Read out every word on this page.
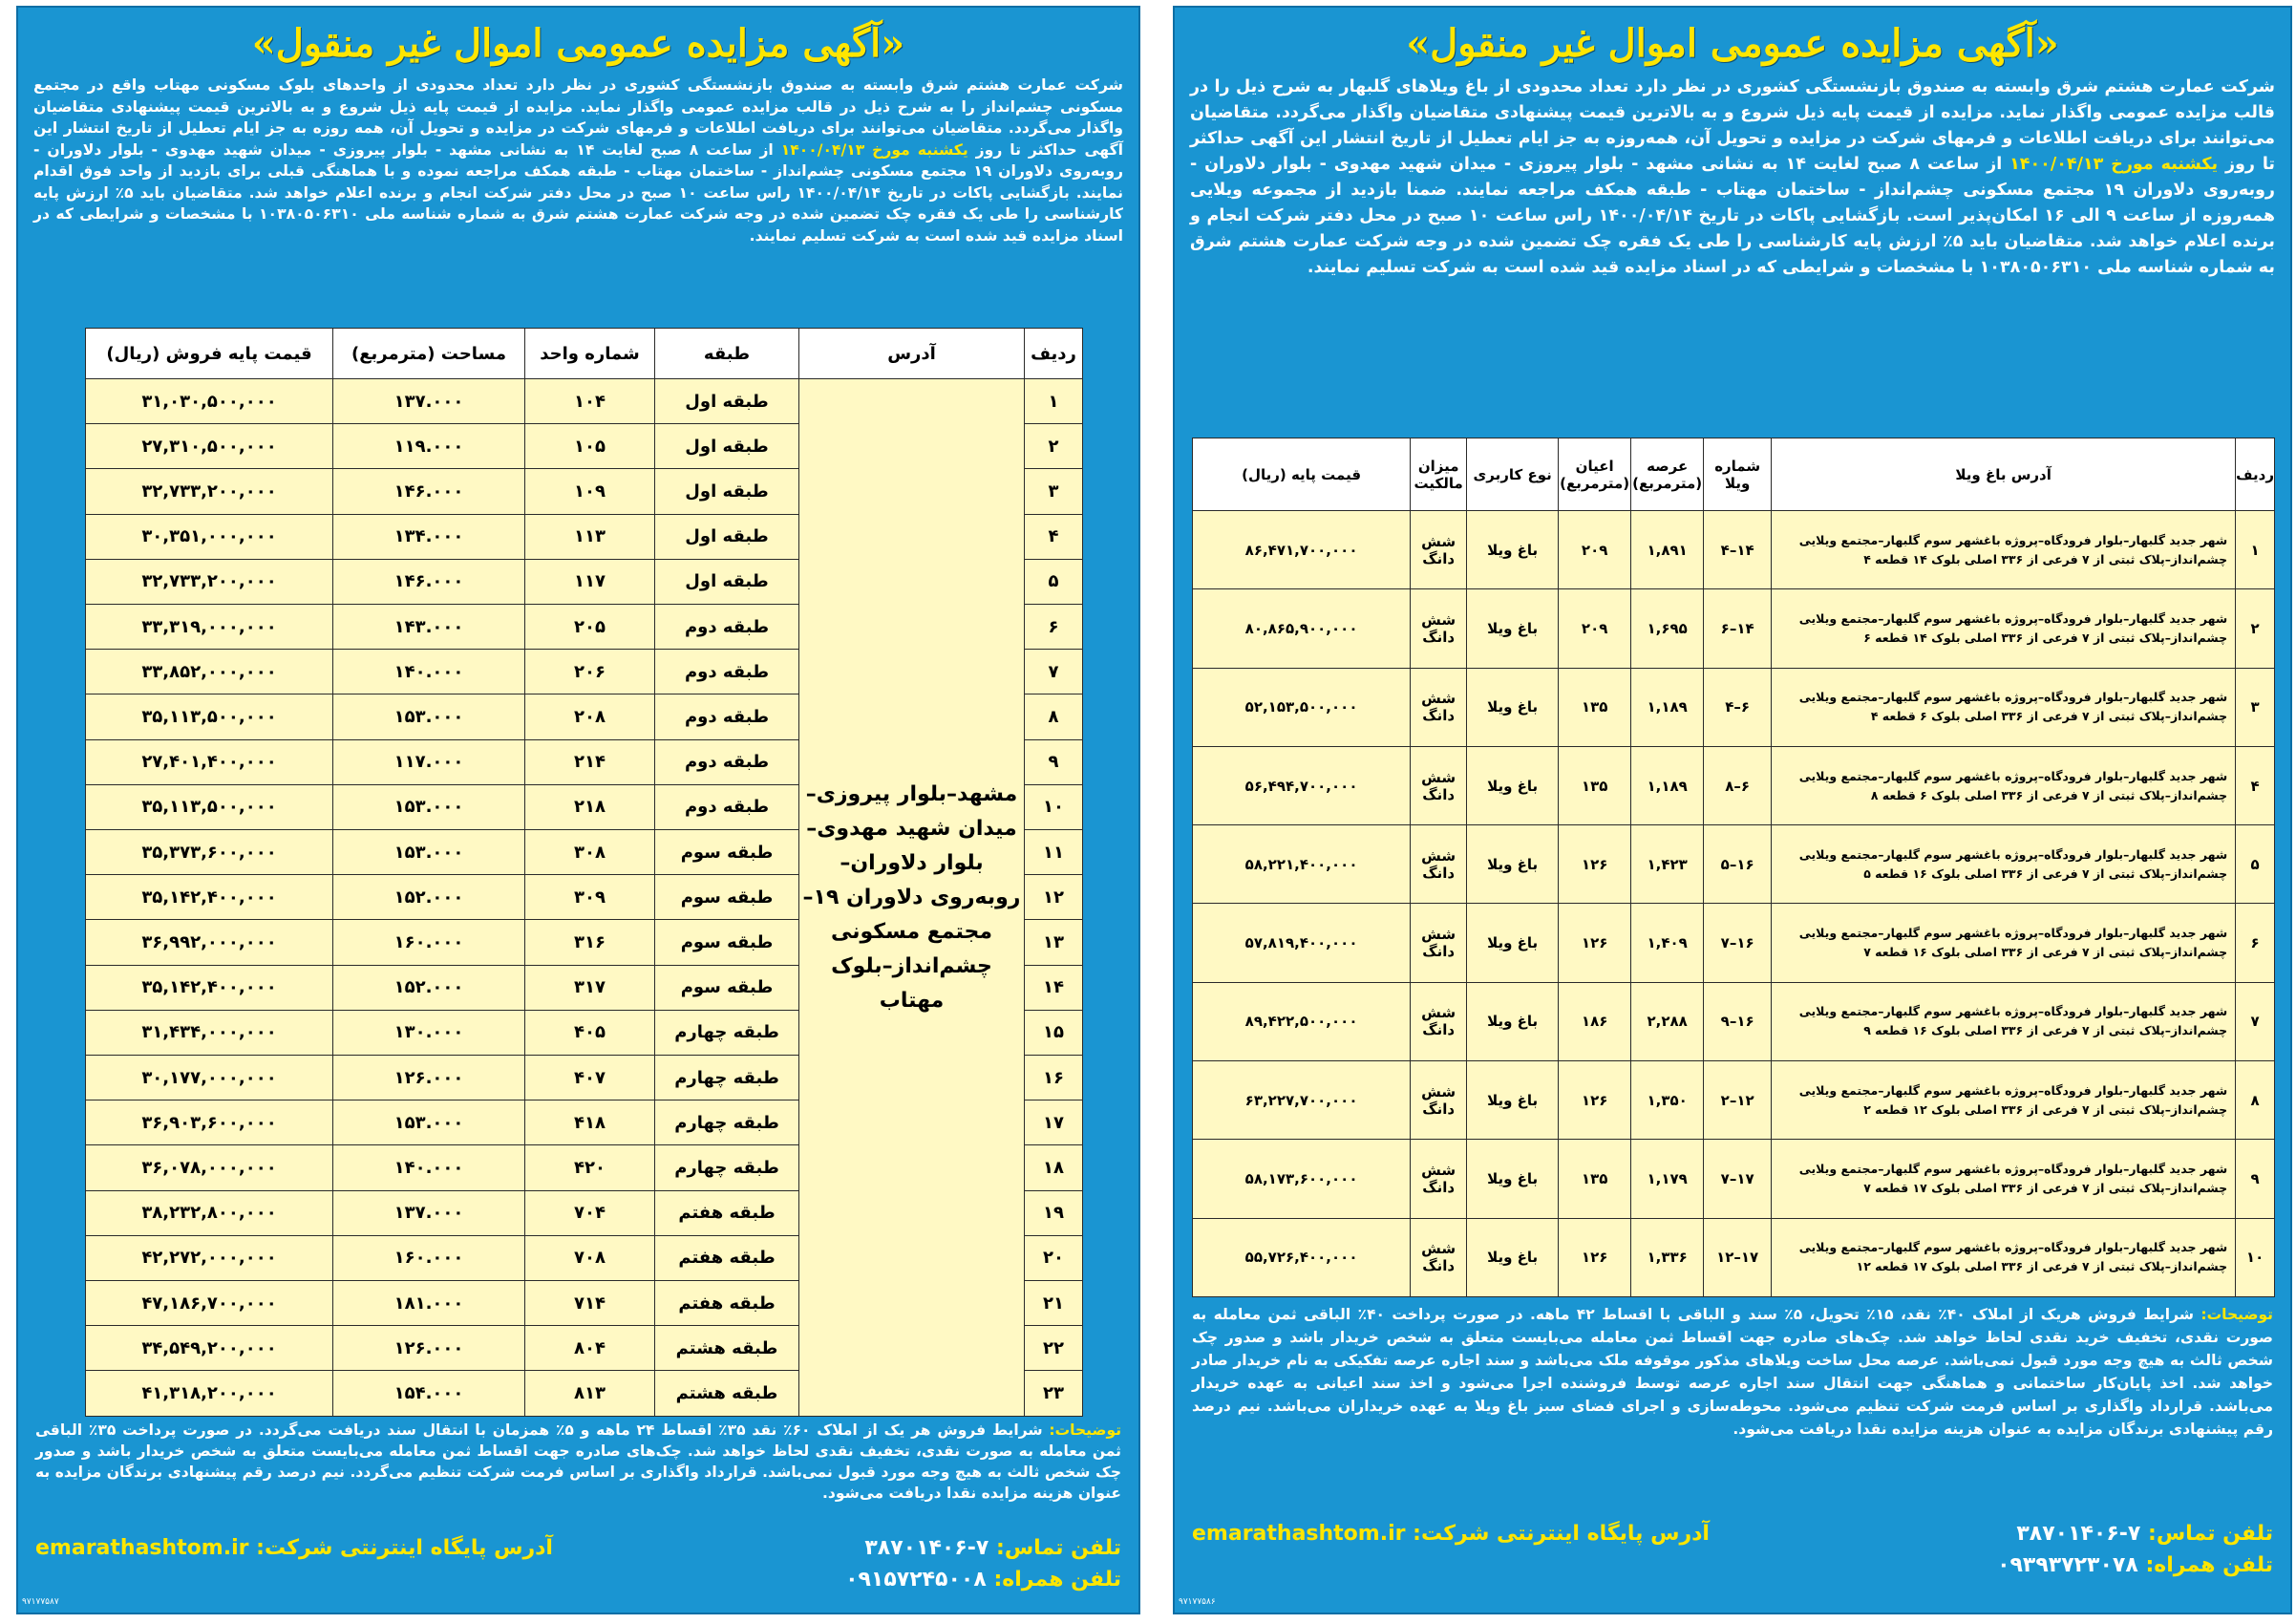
«آگهی مزایده عمومی اموال غیر منقول»
شرکت عمارت هشتم شرق وابسته به صندوق بازنشستگی کشوری در نظر دارد تعداد محدودی از واحدهای بلوک مسکونی مهتاب واقع در مجتمع مسکونی چشم‌انداز را به شرح ذیل در قالب مزایده عمومی واگذار نماید. مزایده از قیمت پایه ذیل شروع و به بالاترین قیمت پیشنهادی متقاضیان واگذار می‌گردد. متقاضیان می‌توانند برای دریافت اطلاعات و فرمهای شرکت در مزایده و تحویل آن، همه روزه به جز ایام تعطیل از تاریخ انتشار این آگهی حداکثر تا روز یکشنبه مورخ ۱۴۰۰/۰۴/۱۳ از ساعت ۸ صبح لغایت ۱۴ به نشانی مشهد - بلوار پیروزی - میدان شهید مهدوی - بلوار دلاوران - روبه‌روی دلاوران ۱۹ مجتمع مسکونی چشم‌انداز - ساختمان مهتاب - طبقه همکف مراجعه نموده و با هماهنگی قبلی برای بازدید از واحد فوق اقدام نمایند. بازگشایی پاکات در تاریخ ۱۴۰۰/۰۴/۱۴ راس ساعت ۱۰ صبح در محل دفتر شرکت انجام و برنده اعلام خواهد شد. متقاضیان باید ۵٪ ارزش پایه کارشناسی را طی یک فقره چک تضمین شده در وجه شرکت عمارت هشتم شرق به شماره شناسه ملی ۱۰۳۸۰۵۰۶۳۱۰ با مشخصات و شرایطی که در اسناد مزایده قید شده است به شرکت تسلیم نمایند.
ردیف	آدرس	طبقه	شماره واحد	مساحت (مترمربع)	قیمت پایه فروش (ریال)
۱	مشهد–بلوار پیروزی– میدان شهید مهدوی– بلوار دلاوران– روبه‌روی دلاوران ۱۹– مجتمع مسکونی چشم‌انداز–بلوک مهتاب	طبقه اول	۱۰۴	۱۳۷.۰۰۰	۳۱,۰۳۰,۵۰۰,۰۰۰
۲		طبقه اول	۱۰۵	۱۱۹.۰۰۰	۲۷,۳۱۰,۵۰۰,۰۰۰
۳		طبقه اول	۱۰۹	۱۴۶.۰۰۰	۳۲,۷۳۳,۲۰۰,۰۰۰
۴		طبقه اول	۱۱۳	۱۳۴.۰۰۰	۳۰,۳۵۱,۰۰۰,۰۰۰
۵		طبقه اول	۱۱۷	۱۴۶.۰۰۰	۳۲,۷۳۳,۲۰۰,۰۰۰
۶		طبقه دوم	۲۰۵	۱۴۳.۰۰۰	۳۳,۳۱۹,۰۰۰,۰۰۰
۷		طبقه دوم	۲۰۶	۱۴۰.۰۰۰	۳۳,۸۵۲,۰۰۰,۰۰۰
۸		طبقه دوم	۲۰۸	۱۵۳.۰۰۰	۳۵,۱۱۳,۵۰۰,۰۰۰
۹		طبقه دوم	۲۱۴	۱۱۷.۰۰۰	۲۷,۴۰۱,۴۰۰,۰۰۰
۱۰		طبقه دوم	۲۱۸	۱۵۳.۰۰۰	۳۵,۱۱۳,۵۰۰,۰۰۰
۱۱		طبقه سوم	۳۰۸	۱۵۳.۰۰۰	۳۵,۳۷۳,۶۰۰,۰۰۰
۱۲		طبقه سوم	۳۰۹	۱۵۲.۰۰۰	۳۵,۱۴۲,۴۰۰,۰۰۰
۱۳		طبقه سوم	۳۱۶	۱۶۰.۰۰۰	۳۶,۹۹۲,۰۰۰,۰۰۰
۱۴		طبقه سوم	۳۱۷	۱۵۲.۰۰۰	۳۵,۱۴۲,۴۰۰,۰۰۰
۱۵		طبقه چهارم	۴۰۵	۱۳۰.۰۰۰	۳۱,۴۳۴,۰۰۰,۰۰۰
۱۶		طبقه چهارم	۴۰۷	۱۲۶.۰۰۰	۳۰,۱۷۷,۰۰۰,۰۰۰
۱۷		طبقه چهارم	۴۱۸	۱۵۳.۰۰۰	۳۶,۹۰۳,۶۰۰,۰۰۰
۱۸		طبقه چهارم	۴۲۰	۱۴۰.۰۰۰	۳۶,۰۷۸,۰۰۰,۰۰۰
۱۹		طبقه هفتم	۷۰۴	۱۳۷.۰۰۰	۳۸,۲۳۲,۸۰۰,۰۰۰
۲۰		طبقه هفتم	۷۰۸	۱۶۰.۰۰۰	۴۲,۲۷۲,۰۰۰,۰۰۰
۲۱		طبقه هفتم	۷۱۴	۱۸۱.۰۰۰	۴۷,۱۸۶,۷۰۰,۰۰۰
۲۲		طبقه هشتم	۸۰۴	۱۲۶.۰۰۰	۳۴,۵۴۹,۲۰۰,۰۰۰
۲۳		طبقه هشتم	۸۱۳	۱۵۴.۰۰۰	۴۱,۳۱۸,۲۰۰,۰۰۰
توضیحات: شرایط فروش هر یک از املاک ۶۰٪ نقد ۳۵٪ اقساط ۲۴ ماهه و ۵٪ همزمان با انتقال سند دریافت می‌گردد. در صورت پرداخت ۳۵٪ الباقی ثمن معامله به صورت نقدی، تخفیف نقدی لحاظ خواهد شد. چک‌های صادره جهت اقساط ثمن معامله می‌بایست متعلق به شخص خریدار باشد و صدور چک شخص ثالث به هیچ وجه مورد قبول نمی‌باشد. قرارداد واگذاری بر اساس فرمت شرکت تنظیم می‌گردد. نیم درصد رقم پیشنهادی برندگان مزایده به عنوان هزینه مزایده نقدا دریافت می‌شود.
تلفن تماس: ۷-۳۸۷۰۱۴۰۶
آدرس پایگاه اینترنتی شرکت: emarathashtom.ir
تلفن همراه: ۰۹۱۵۷۲۴۵۰۰۸
۹۷۱۷۷۵۸۷
«آگهی مزایده عمومی اموال غیر منقول»
شرکت عمارت هشتم شرق وابسته به صندوق بازنشستگی کشوری در نظر دارد تعداد محدودی از باغ ویلاهای گلبهار به شرح ذیل را در قالب مزایده عمومی واگذار نماید. مزایده از قیمت پایه ذیل شروع و به بالاترین قیمت پیشنهادی متقاضیان واگذار می‌گردد. متقاضیان می‌توانند برای دریافت اطلاعات و فرمهای شرکت در مزایده و تحویل آن، همه‌روزه به جز ایام تعطیل از تاریخ انتشار این آگهی حداکثر تا روز یکشنبه مورخ ۱۴۰۰/۰۴/۱۳ از ساعت ۸ صبح لغایت ۱۴ به نشانی مشهد - بلوار پیروزی - میدان شهید مهدوی - بلوار دلاوران - روبه‌روی دلاوران ۱۹ مجتمع مسکونی چشم‌انداز - ساختمان مهتاب - طبقه همکف مراجعه نمایند. ضمنا بازدید از مجموعه ویلایی همه‌روزه از ساعت ۹ الی ۱۶ امکان‌پذیر است. بازگشایی پاکات در تاریخ ۱۴۰۰/۰۴/۱۴ راس ساعت ۱۰ صبح در محل دفتر شرکت انجام و برنده اعلام خواهد شد. متقاضیان باید ۵٪ ارزش پایه کارشناسی را طی یک فقره چک تضمین شده در وجه شرکت عمارت هشتم شرق به شماره شناسه ملی ۱۰۳۸۰۵۰۶۳۱۰ با مشخصات و شرایطی که در اسناد مزایده قید شده است به شرکت تسلیم نمایند.
ردیف	آدرس باغ ویلا	شماره ویلا	عرصه (مترمربع)	اعیان (مترمربع)	نوع کاربری	میزان مالکیت	قیمت پایه (ریال)
۱	شهر جدید گلبهار–بلوار فرودگاه–پروژه باغشهر سوم گلبهار–مجتمع ویلایی چشم‌انداز–پلاک ثبتی از ۷ فرعی از ۳۳۶ اصلی بلوک ۱۴ قطعه ۴	۱۴–۴	۱,۸۹۱	۲۰۹	باغ ویلا	شش دانگ	۸۶,۴۷۱,۷۰۰,۰۰۰
۲	شهر جدید گلبهار–بلوار فرودگاه–پروژه باغشهر سوم گلبهار–مجتمع ویلایی چشم‌انداز–پلاک ثبتی از ۷ فرعی از ۳۳۶ اصلی بلوک ۱۴ قطعه ۶	۱۴–۶	۱,۶۹۵	۲۰۹	باغ ویلا	شش دانگ	۸۰,۸۶۵,۹۰۰,۰۰۰
۳	شهر جدید گلبهار–بلوار فرودگاه–پروژه باغشهر سوم گلبهار–مجتمع ویلایی چشم‌انداز–پلاک ثبتی از ۷ فرعی از ۳۳۶ اصلی بلوک ۶ قطعه ۴	۶–۴	۱,۱۸۹	۱۳۵	باغ ویلا	شش دانگ	۵۲,۱۵۳,۵۰۰,۰۰۰
۴	شهر جدید گلبهار–بلوار فرودگاه–پروژه باغشهر سوم گلبهار–مجتمع ویلایی چشم‌انداز–پلاک ثبتی از ۷ فرعی از ۳۳۶ اصلی بلوک ۶ قطعه ۸	۶–۸	۱,۱۸۹	۱۳۵	باغ ویلا	شش دانگ	۵۶,۴۹۴,۷۰۰,۰۰۰
۵	شهر جدید گلبهار–بلوار فرودگاه–پروژه باغشهر سوم گلبهار–مجتمع ویلایی چشم‌انداز–پلاک ثبتی از ۷ فرعی از ۳۳۶ اصلی بلوک ۱۶ قطعه ۵	۱۶–۵	۱,۴۲۳	۱۲۶	باغ ویلا	شش دانگ	۵۸,۲۲۱,۴۰۰,۰۰۰
۶	شهر جدید گلبهار–بلوار فرودگاه–پروژه باغشهر سوم گلبهار–مجتمع ویلایی چشم‌انداز–پلاک ثبتی از ۷ فرعی از ۳۳۶ اصلی بلوک ۱۶ قطعه ۷	۱۶–۷	۱,۴۰۹	۱۲۶	باغ ویلا	شش دانگ	۵۷,۸۱۹,۴۰۰,۰۰۰
۷	شهر جدید گلبهار–بلوار فرودگاه–پروژه باغشهر سوم گلبهار–مجتمع ویلایی چشم‌انداز–پلاک ثبتی از ۷ فرعی از ۳۳۶ اصلی بلوک ۱۶ قطعه ۹	۱۶–۹	۲,۲۸۸	۱۸۶	باغ ویلا	شش دانگ	۸۹,۴۲۲,۵۰۰,۰۰۰
۸	شهر جدید گلبهار–بلوار فرودگاه–پروژه باغشهر سوم گلبهار–مجتمع ویلایی چشم‌انداز–پلاک ثبتی از ۷ فرعی از ۳۳۶ اصلی بلوک ۱۲ قطعه ۲	۱۲–۲	۱,۳۵۰	۱۲۶	باغ ویلا	شش دانگ	۶۳,۲۲۷,۷۰۰,۰۰۰
۹	شهر جدید گلبهار–بلوار فرودگاه–پروژه باغشهر سوم گلبهار–مجتمع ویلایی چشم‌انداز–پلاک ثبتی از ۷ فرعی از ۳۳۶ اصلی بلوک ۱۷ قطعه ۷	۱۷–۷	۱,۱۷۹	۱۳۵	باغ ویلا	شش دانگ	۵۸,۱۷۳,۶۰۰,۰۰۰
۱۰	شهر جدید گلبهار–بلوار فرودگاه–پروژه باغشهر سوم گلبهار–مجتمع ویلایی چشم‌انداز–پلاک ثبتی از ۷ فرعی از ۳۳۶ اصلی بلوک ۱۷ قطعه ۱۲	۱۷–۱۲	۱,۳۳۶	۱۲۶	باغ ویلا	شش دانگ	۵۵,۷۲۶,۴۰۰,۰۰۰
توضیحات: شرایط فروش هریک از املاک ۴۰٪ نقد، ۱۵٪ تحویل، ۵٪ سند و الباقی با اقساط ۴۲ ماهه. در صورت پرداخت ۴۰٪ الباقی ثمن معامله به صورت نقدی، تخفیف خرید نقدی لحاظ خواهد شد. چک‌های صادره جهت اقساط ثمن معامله می‌بایست متعلق به شخص خریدار باشد و صدور چک شخص ثالث به هیچ وجه مورد قبول نمی‌باشد. عرصه محل ساخت ویلاهای مذکور موقوفه ملک می‌باشد و سند اجاره عرصه تفکیکی به نام خریدار صادر خواهد شد. اخذ پایان‌کار ساختمانی و هماهنگی جهت انتقال سند اجاره عرصه توسط فروشنده اجرا می‌شود و اخذ سند اعیانی به عهده خریدار می‌باشد. قرارداد واگذاری بر اساس فرمت شرکت تنظیم می‌شود. محوطه‌سازی و اجرای فضای سبز باغ ویلا به عهده خریداران می‌باشد. نیم درصد رقم پیشنهادی برندگان مزایده به عنوان هزینه مزایده نقدا دریافت می‌شود.
تلفن تماس: ۷-۳۸۷۰۱۴۰۶
آدرس پایگاه اینترنتی شرکت: emarathashtom.ir
تلفن همراه: ۰۹۳۹۳۷۲۳۰۷۸
۹۷۱۷۷۵۸۶
